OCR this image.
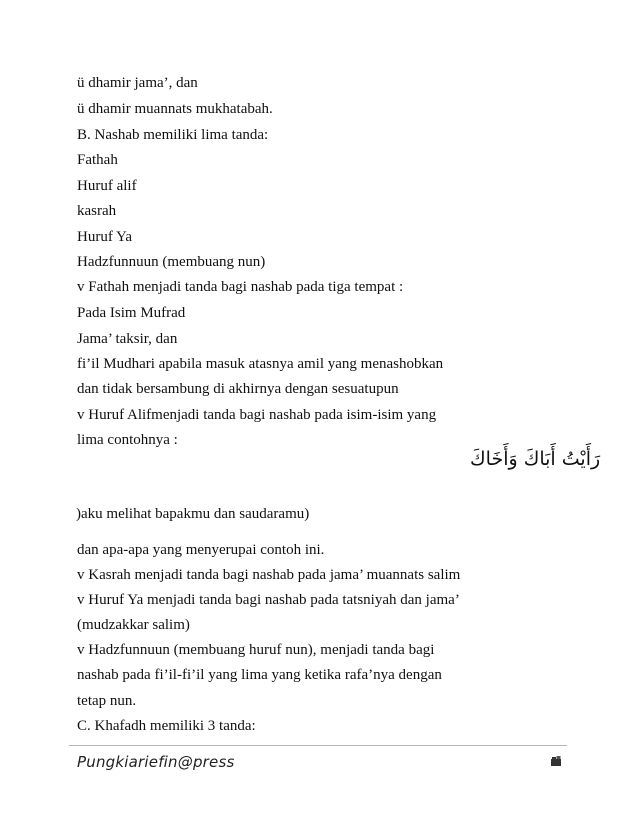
ü dhamir jama’, dan
ü dhamir muannats mukhatabah.
B. Nashab memiliki lima tanda:
Fathah
Huruf alif
kasrah
Huruf Ya
Hadzfunnuun (membuang nun)
v Fathah menjadi tanda bagi nashab pada tiga tempat :
Pada Isim Mufrad
Jama’ taksir, dan
fi’il Mudhari apabila masuk atasnya amil yang menashobkan
dan tidak bersambung di akhirnya dengan sesuatupun
v Huruf Alifmenjadi tanda bagi nashab pada isim-isim yang
lima contohnya :
رَأَيْتُ أَبَاكَ وَأَخَاكَ
)aku melihat bapakmu dan saudaramu)
dan apa-apa yang menyerupai contoh ini.
v Kasrah menjadi tanda bagi nashab pada jama’ muannats salim
v Huruf Ya menjadi tanda bagi nashab pada tatsniyah dan jama’
(mudzakkar salim)
v Hadzfunnuun (membuang huruf nun), menjadi tanda bagi
nashab pada fi’il-fi’il yang lima yang ketika rafa’nya dengan
tetap nun.
C. Khafadh memiliki 3 tanda:
Pungkiariefin@press
